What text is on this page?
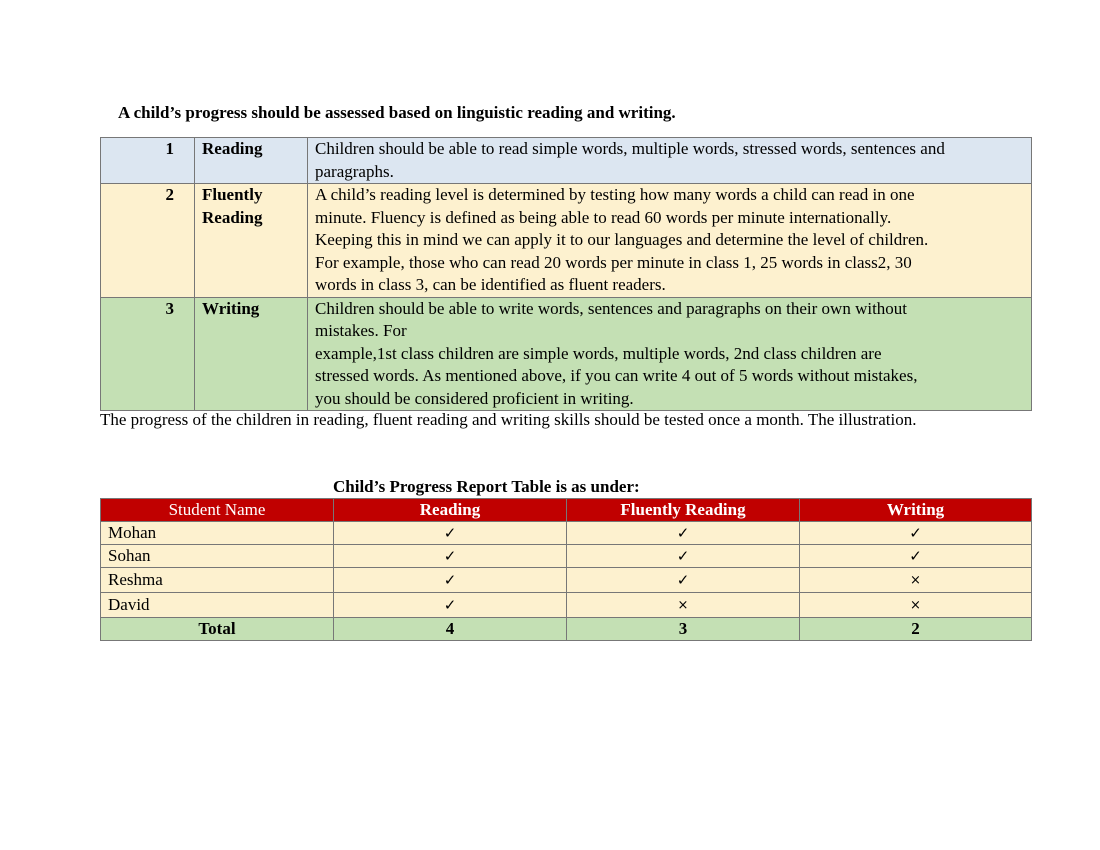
A child’s progress should be assessed based on linguistic reading and writing.
1	Reading	Children should be able to read simple words, multiple words, stressed words, sentences and
paragraphs.

2	Fluently Reading	A child’s reading level is determined by testing how many words a child can read in one
minute. Fluency is defined as being able to read 60 words per minute internationally.
Keeping this in mind we can apply it to our languages and determine the level of children.
For example, those who can read 20 words per minute in class 1, 25 words in class2, 30
words in class 3, can be identified as fluent readers.

3	Writing	Children should be able to write words, sentences and paragraphs on their own without
mistakes. For
example,1st class children are simple words, multiple words, 2nd class children are
stressed words. As mentioned above, if you can write 4 out of 5 words without mistakes,
you should be considered proficient in writing.
The progress of the children in reading, fluent reading and writing skills should be tested once a month. The illustration.
Child’s Progress Report Table is as under:
Student Name	Reading	Fluently Reading	Writing
Mohan	✓	✓	✓
Sohan	✓	✓	✓
Reshma	✓	✓	×
David	✓	×	×
Total	4	3	2
